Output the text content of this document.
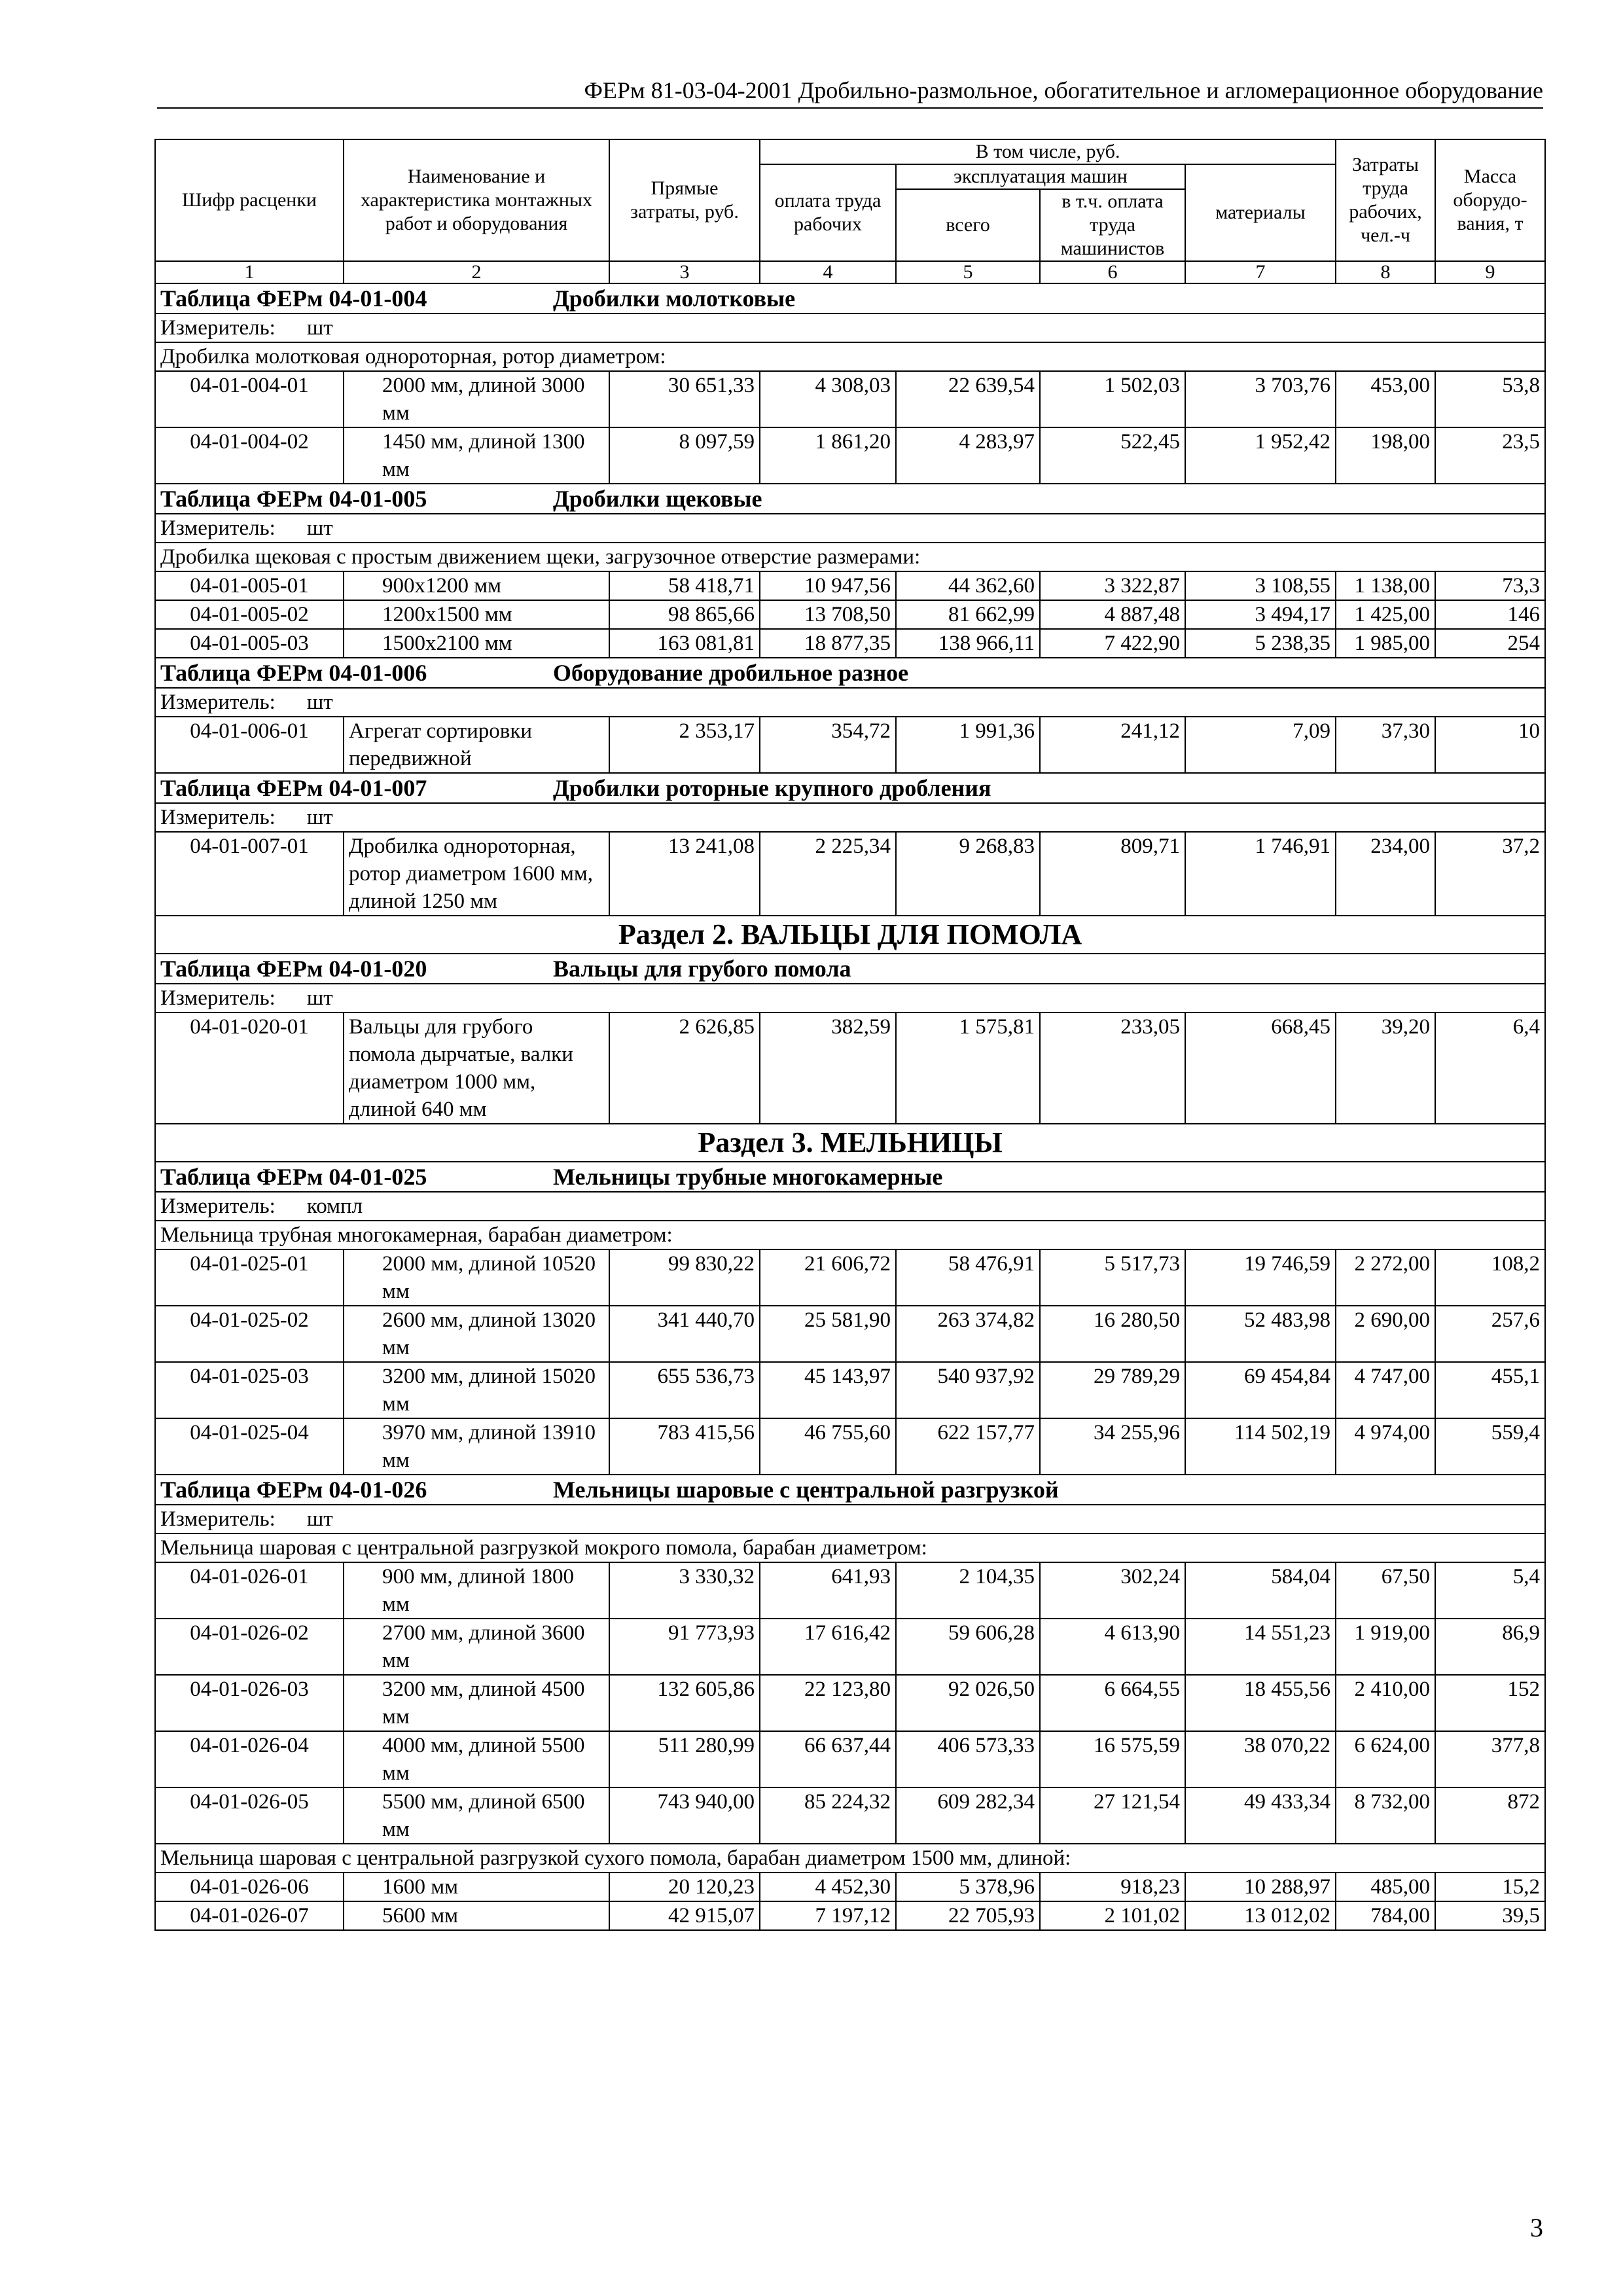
ФЕРм 81-03-04-2001 Дробильно-размольное, обогатительное и агломерационное оборудование
Шифр расценки	Наименование и характеристика монтажных работ и оборудования	Прямые затраты, руб.	В том числе, руб.				Затраты труда рабочих, чел.-ч	Масса оборудо-вания, т
			оплата труда рабочих	эксплуатация машин		материалы		
				всего	в т.ч. оплата труда машинистов			
1	2	3	4	5	6	7	8	9
Таблица ФЕРм 04-01-004 Дробилки молотковые								
Измеритель: шт								
Дробилка молотковая однороторная, ротор диаметром:								
04-01-004-01	2000 мм, длиной 3000 мм	30 651,33	4 308,03	22 639,54	1 502,03	3 703,76	453,00	53,8
04-01-004-02	1450 мм, длиной 1300 мм	8 097,59	1 861,20	4 283,97	522,45	1 952,42	198,00	23,5
Таблица ФЕРм 04-01-005 Дробилки щековые								
Измеритель: шт								
Дробилка щековая с простым движением щеки, загрузочное отверстие размерами:								
04-01-005-01	900x1200 мм	58 418,71	10 947,56	44 362,60	3 322,87	3 108,55	1 138,00	73,3
04-01-005-02	1200x1500 мм	98 865,66	13 708,50	81 662,99	4 887,48	3 494,17	1 425,00	146
04-01-005-03	1500x2100 мм	163 081,81	18 877,35	138 966,11	7 422,90	5 238,35	1 985,00	254
Таблица ФЕРм 04-01-006 Оборудование дробильное разное								
Измеритель: шт								
04-01-006-01	Агрегат сортировки передвижной	2 353,17	354,72	1 991,36	241,12	7,09	37,30	10
Таблица ФЕРм 04-01-007 Дробилки роторные крупного дробления								
Измеритель: шт								
04-01-007-01	Дробилка однороторная, ротор диаметром 1600 мм, длиной 1250 мм	13 241,08	2 225,34	9 268,83	809,71	1 746,91	234,00	37,2
Раздел 2. ВАЛЬЦЫ ДЛЯ ПОМОЛА								
Таблица ФЕРм 04-01-020 Вальцы для грубого помола								
Измеритель: шт								
04-01-020-01	Вальцы для грубого помола дырчатые, валки диаметром 1000 мм, длиной 640 мм	2 626,85	382,59	1 575,81	233,05	668,45	39,20	6,4
Раздел 3. МЕЛЬНИЦЫ								
Таблица ФЕРм 04-01-025 Мельницы трубные многокамерные								
Измеритель: компл								
Мельница трубная многокамерная, барабан диаметром:								
04-01-025-01	2000 мм, длиной 10520 мм	99 830,22	21 606,72	58 476,91	5 517,73	19 746,59	2 272,00	108,2
04-01-025-02	2600 мм, длиной 13020 мм	341 440,70	25 581,90	263 374,82	16 280,50	52 483,98	2 690,00	257,6
04-01-025-03	3200 мм, длиной 15020 мм	655 536,73	45 143,97	540 937,92	29 789,29	69 454,84	4 747,00	455,1
04-01-025-04	3970 мм, длиной 13910 мм	783 415,56	46 755,60	622 157,77	34 255,96	114 502,19	4 974,00	559,4
Таблица ФЕРм 04-01-026 Мельницы шаровые с центральной разгрузкой								
Измеритель: шт								
Мельница шаровая с центральной разгрузкой мокрого помола, барабан диаметром:								
04-01-026-01	900 мм, длиной 1800 мм	3 330,32	641,93	2 104,35	302,24	584,04	67,50	5,4
04-01-026-02	2700 мм, длиной 3600 мм	91 773,93	17 616,42	59 606,28	4 613,90	14 551,23	1 919,00	86,9
04-01-026-03	3200 мм, длиной 4500 мм	132 605,86	22 123,80	92 026,50	6 664,55	18 455,56	2 410,00	152
04-01-026-04	4000 мм, длиной 5500 мм	511 280,99	66 637,44	406 573,33	16 575,59	38 070,22	6 624,00	377,8
04-01-026-05	5500 мм, длиной 6500 мм	743 940,00	85 224,32	609 282,34	27 121,54	49 433,34	8 732,00	872
Мельница шаровая с центральной разгрузкой сухого помола, барабан диаметром 1500 мм, длиной:								
04-01-026-06	1600 мм	20 120,23	4 452,30	5 378,96	918,23	10 288,97	485,00	15,2
04-01-026-07	5600 мм	42 915,07	7 197,12	22 705,93	2 101,02	13 012,02	784,00	39,5
3
